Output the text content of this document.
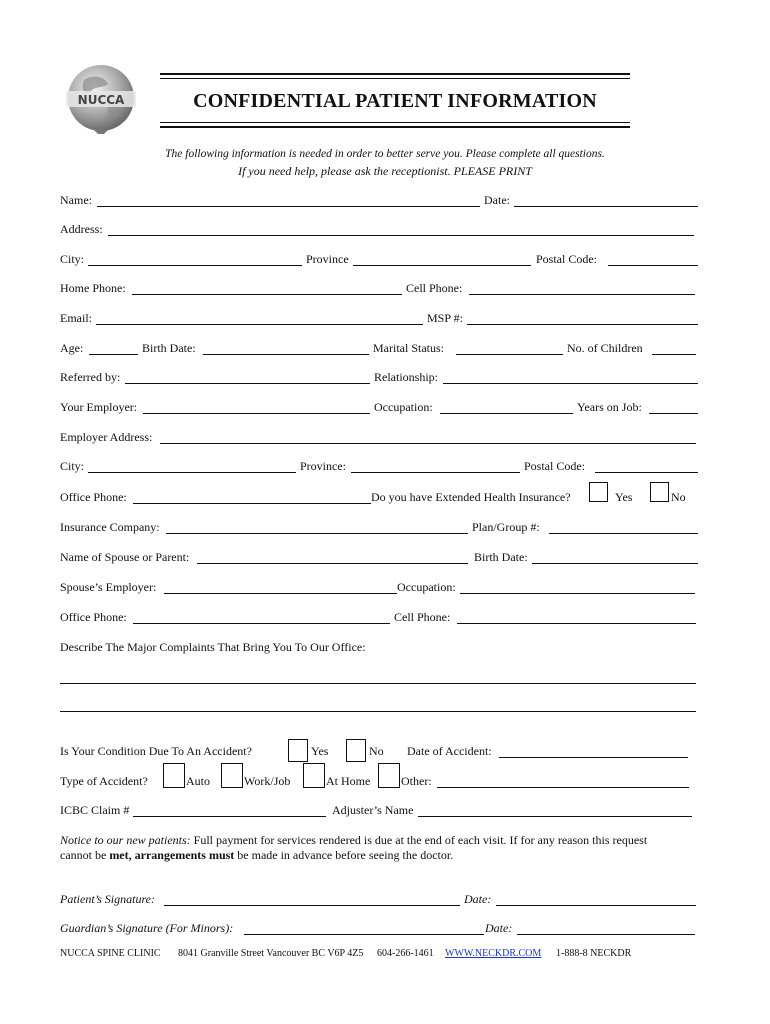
NUCCA	CONFIDENTIAL PATIENT INFORMATION
The following information is needed in order to better serve you. Please complete all questions.
If you need help, please ask the receptionist. PLEASE PRINT
Name:	Date:
Address:
City:	Province	Postal Code:
Home Phone:	Cell Phone:
Email:	MSP #:
Age:	Birth Date:	Marital Status:	No. of Children
Referred by:	Relationship:
Your Employer:	Occupation:	Years on Job:
Employer Address:
City:	Province:	Postal Code:
Office Phone:	Do you have Extended Health Insurance?	Yes	No
Insurance Company:	Plan/Group #:
Name of Spouse or Parent:	Birth Date:
Spouse’s Employer:	Occupation:
Office Phone:	Cell Phone:
Describe The Major Complaints That Bring You To Our Office:
Is Your Condition Due To An Accident?	Yes	No Date of Accident:
Type of Accident?	Auto	Work/Job	At Home	Other:
ICBC Claim #	Adjuster’s Name
Notice to our new patients: Full payment for services rendered is due at the end of each visit. If for any reason this request
cannot be met, arrangements must be made in advance before seeing the doctor.
Patient’s Signature:	Date:
Guardian’s Signature (For Minors):	Date:
NUCCA SPINE CLINIC 8041 Granville Street Vancouver BC V6P 4Z5 604-266-1461 WWW.NECKDR.COM 1-888-8 NECKDR
